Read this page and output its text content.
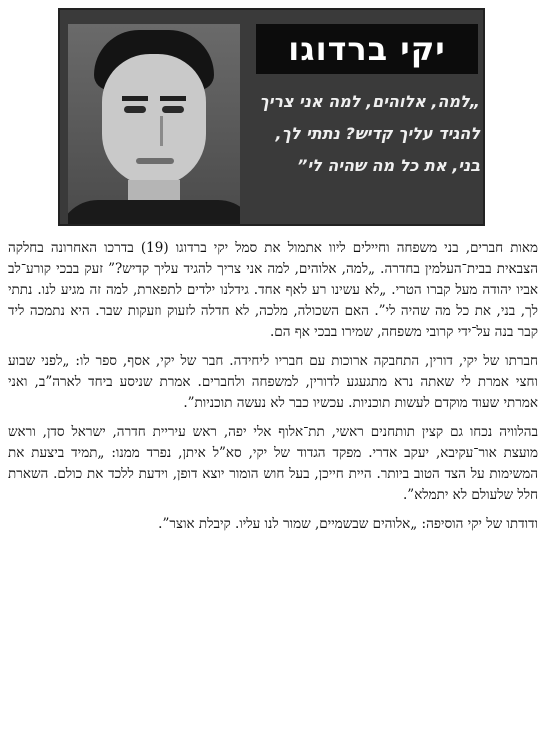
יקי ברדוגו
„למה, אלוהים, למה אני צריך להגיד עליך קדיש? נתתי לך, בני, את כל מה שהיה לי”

מאות חברים, בני משפחה וחיילים ליוו אתמול את סמל יקי ברדוגו (19) בדרכו האחרונה בחלקה הצבאית בבית־העלמין בחדרה. „למה, אלוהים, למה אני צריך להגיד עליך קדיש?” זעק בבכי קורע־לב אביו יהודה מעל קברו הטרי. „לא עשינו רע לאף אחד. גידלנו ילדים לתפארת, למה זה מגיע לנו. נתתי לך, בני, את כל מה שהיה לי”. האם השכולה, מלכה, לא חדלה לזעוק וזעקות שבר. היא נתמכה ליד קבר בנה על־ידי קרובי משפחה, שמירו בבכי אף הם.

חברתו של יקי, דורין, התחבקה ארוכות עם חבריו ליחידה. חבר של יקי, אסף, ספר לו: „לפני שבוע וחצי אמרת לי שאתה נרא מתגעגע לדורין, למשפחה ולחברים. אמרת שניסע ביחד לארה”ב, ואני אמרתי שעוד מוקדם לעשות תוכניות. עכשיו כבר לא נעשה תוכניות”.

בהלוויה נכחו גם קצין תותחנים ראשי, תת־אלוף אלי יפה, ראש עיריית חדרה, ישראל סדן, וראש מועצת אור־עקיבא, יעקב אדרי. מפקד הגדוד של יקי, סא”ל איתן, נפרד ממנו: „תמיד ביצעת את המשימות על הצד הטוב ביותר. היית חייכן, בעל חוש הומור יוצא דופן, וידעת ללכד את כולם. השארת חלל שלעולם לא יתמלא”.

ודודתו של יקי הוסיפה: „אלוהים שבשמיים, שמור לנו עליו. קיבלת אוצר”.
